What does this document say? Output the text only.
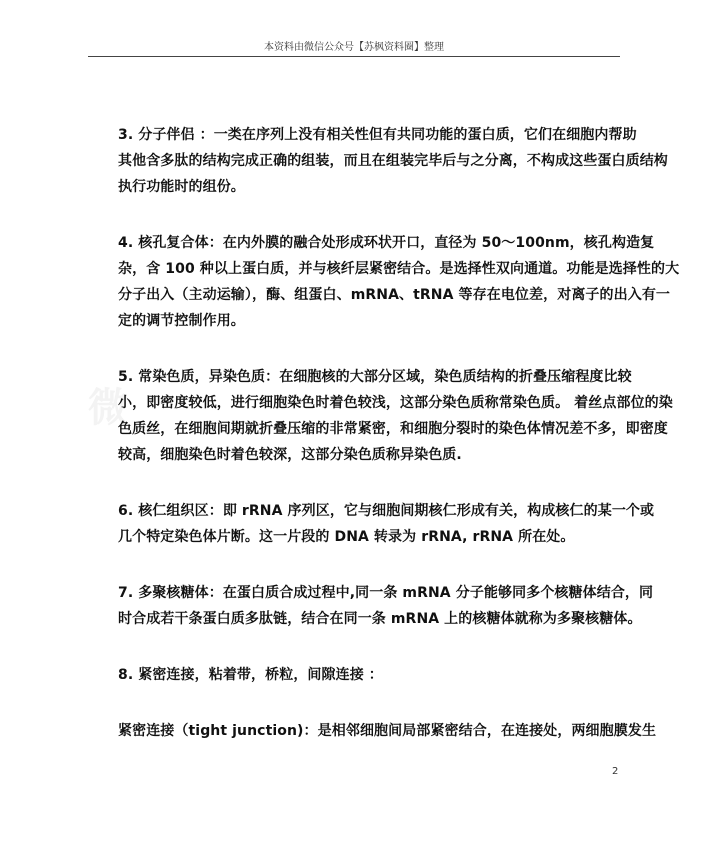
本资料由微信公众号【苏枫资料圈】整理
微
3. 分子伴侣 ：一类在序列上没有相关性但有共同功能的蛋白质，它们在细胞内帮助
其他含多肽的结构完成正确的组装，而且在组装完毕后与之分离，不构成这些蛋白质结构
执行功能时的组份。
4. 核孔复合体：在内外膜的融合处形成环状开口，直径为 50～100nm，核孔构造复
杂，含 100 种以上蛋白质，并与核纤层紧密结合。是选择性双向通道。功能是选择性的大
分子出入（主动运输），酶、组蛋白、mRNA、tRNA 等存在电位差，对离子的出入有一
定的调节控制作用。
5. 常染色质，异染色质：在细胞核的大部分区域，染色质结构的折叠压缩程度比较
小，即密度较低，进行细胞染色时着色较浅，这部分染色质称常染色质。 着丝点部位的染
色质丝，在细胞间期就折叠压缩的非常紧密，和细胞分裂时的染色体情况差不多，即密度
较高，细胞染色时着色较深，这部分染色质称异染色质.
6. 核仁组织区：即 rRNA 序列区，它与细胞间期核仁形成有关，构成核仁的某一个或
几个特定染色体片断。这一片段的 DNA 转录为 rRNA, rRNA 所在处。
7. 多聚核糖体：在蛋白质合成过程中,同一条 mRNA 分子能够同多个核糖体结合，同
时合成若干条蛋白质多肽链，结合在同一条 mRNA 上的核糖体就称为多聚核糖体。
8. 紧密连接，粘着带，桥粒，间隙连接 ：
紧密连接（tight junction)：是相邻细胞间局部紧密结合，在连接处，两细胞膜发生
2
